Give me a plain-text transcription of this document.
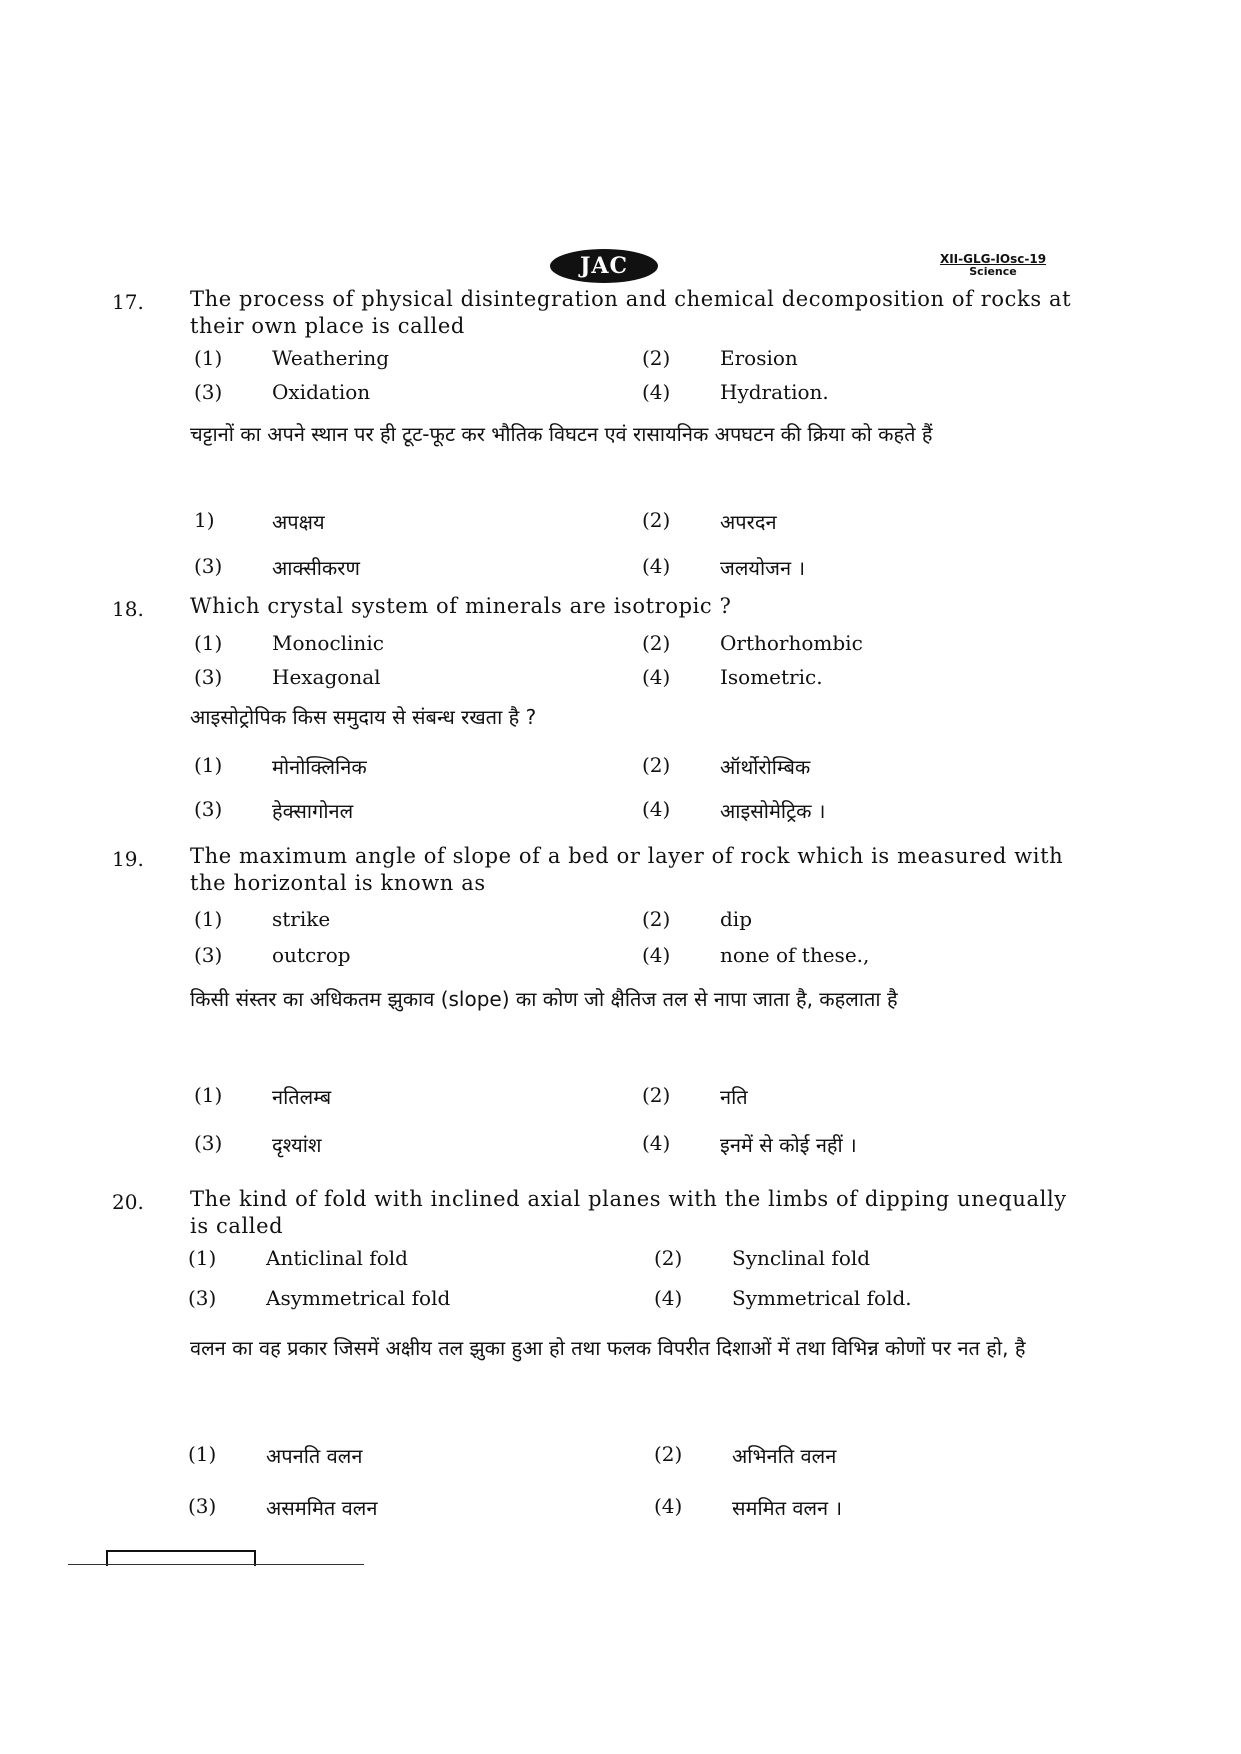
JAC	XII-GLG-IOsc-19
Science
17. The process of physical disintegration and chemical decomposition of rocks at their own place is called
(1)	Weathering	(2)	Erosion
(3)	Oxidation	(4)	Hydration.
चट्टानों का अपने स्थान पर ही टूट-फूट कर भौतिक विघटन एवं रासायनिक अपघटन की क्रिया को कहते हैं
1)	अपक्षय	(2)	अपरदन
(3)	आक्सीकरण	(4)	जलयोजन ।
18. Which crystal system of minerals are isotropic ?
(1)	Monoclinic	(2)	Orthorhombic
(3)	Hexagonal	(4)	Isometric.
आइसोट्रोपिक किस समुदाय से संबन्ध रखता है ?
(1)	मोनोक्लिनिक	(2)	ऑर्थोरोम्बिक
(3)	हेक्सागोनल	(4)	आइसोमेट्रिक ।
19. The maximum angle of slope of a bed or layer of rock which is measured with the horizontal is known as
(1)	strike	(2)	dip
(3)	outcrop	(4)	none of these.,
किसी संस्तर का अधिकतम झुकाव (slope) का कोण जो क्षैतिज तल से नापा जाता है, कहलाता है
(1)	नतिलम्ब	(2)	नति
(3)	दृश्यांश	(4)	इनमें से कोई नहीं ।
20. The kind of fold with inclined axial planes with the limbs of dipping unequally is called
(1)	Anticlinal fold	(2)	Synclinal fold
(3)	Asymmetrical fold	(4)	Symmetrical fold.
वलन का वह प्रकार जिसमें अक्षीय तल झुका हुआ हो तथा फलक विपरीत दिशाओं में तथा विभिन्न कोणों पर नत हो, है
(1)	अपनति वलन	(2)	अभिनति वलन
(3)	असममित वलन	(4)	सममित वलन ।
